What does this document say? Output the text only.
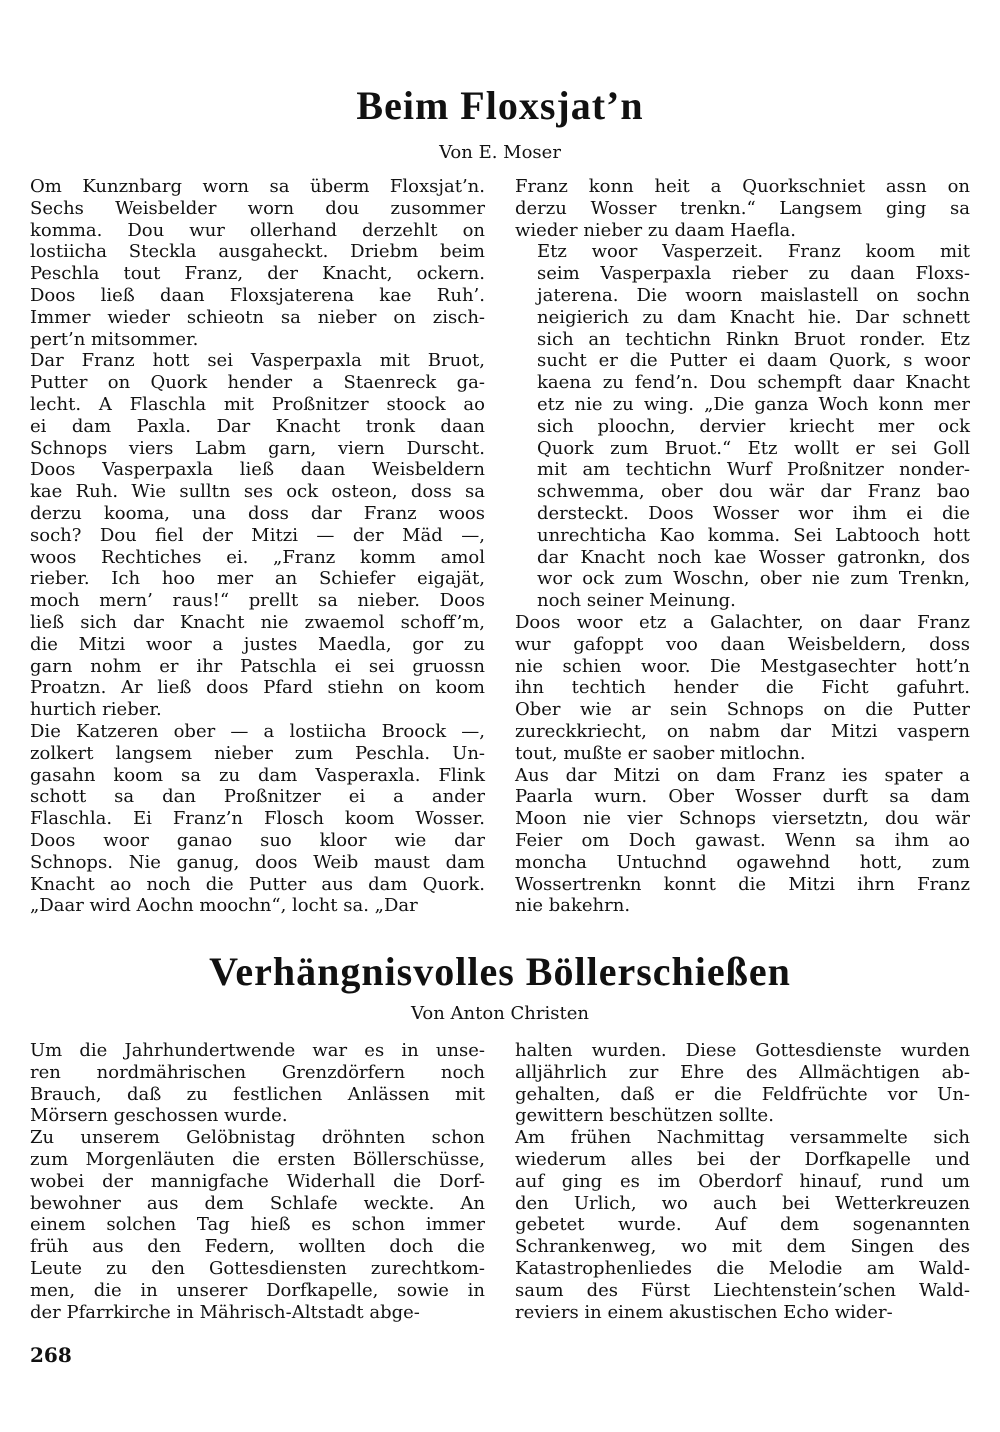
Beim Floxsjat’n

Von E. Moser

Om Kunznbarg worn sa überm Floxsjat’n.
Sechs Weisbelder worn dou zusommer
komma. Dou wur ollerhand derzehlt on
lostiicha Steckla ausgaheckt. Driebm beim
Peschla tout Franz, der Knacht, ockern.
Doos ließ daan Floxsjaterena kae Ruh’.
Immer wieder schieotn sa nieber on zisch-
pert’n mitsommer.

Dar Franz hott sei Vasperpaxla mit Bruot,
Putter on Quork hender a Staenreck ga-
lecht. A Flaschla mit Proßnitzer stoock ao
ei dam Paxla. Dar Knacht tronk daan
Schnops viers Labm garn, viern Durscht.
Doos Vasperpaxla ließ daan Weisbeldern
kae Ruh. Wie sulltn ses ock osteon, doss sa
derzu kooma, una doss dar Franz woos
soch? Dou fiel der Mitzi — der Mäd —,
woos Rechtiches ei. „Franz komm amol
rieber. Ich hoo mer an Schiefer eigajät,
moch mern’ raus!“ prellt sa nieber. Doos
ließ sich dar Knacht nie zwaemol schoff’m,
die Mitzi woor a justes Maedla, gor zu
garn nohm er ihr Patschla ei sei gruossn
Proatzn. Ar ließ doos Pfard stiehn on koom
hurtich rieber.

Die Katzeren ober — a lostiicha Broock —,
zolkert langsem nieber zum Peschla. Un-
gasahn koom sa zu dam Vasperaxla. Flink
schott sa dan Proßnitzer ei a ander
Flaschla. Ei Franz’n Flosch koom Wosser.
Doos woor ganao suo kloor wie dar
Schnops. Nie ganug, doos Weib maust dam
Knacht ao noch die Putter aus dam Quork.
„Daar wird Aochn moochn“, locht sa. „Dar

Franz konn heit a Quorkschniet assn on
derzu Wosser trenkn.“ Langsem ging sa
wieder nieber zu daam Haefla.

Etz woor Vasperzeit. Franz koom mit
seim Vasperpaxla rieber zu daan Floxs-
jaterena. Die woorn maislastell on sochn
neigierich zu dam Knacht hie. Dar schnett
sich an techtichn Rinkn Bruot ronder. Etz
sucht er die Putter ei daam Quork, s woor
kaena zu fend’n. Dou schempft daar Knacht
etz nie zu wing. „Die ganza Woch konn mer
sich ploochn, dervier kriecht mer ock
Quork zum Bruot.“ Etz wollt er sei Goll
mit am techtichn Wurf Proßnitzer nonder-
schwemma, ober dou wär dar Franz bao
dersteckt. Doos Wosser wor ihm ei die
unrechticha Kao komma. Sei Labtooch hott
dar Knacht noch kae Wosser gatronkn, dos
wor ock zum Woschn, ober nie zum Trenkn,
noch seiner Meinung.

Doos woor etz a Galachter, on daar Franz
wur gafoppt voo daan Weisbeldern, doss
nie schien woor. Die Mestgasechter hott’n
ihn techtich hender die Ficht gafuhrt.
Ober wie ar sein Schnops on die Putter
zureckkriecht, on nabm dar Mitzi vaspern
tout, mußte er saober mitlochn.

Aus dar Mitzi on dam Franz ies spater a
Paarla wurn. Ober Wosser durft sa dam
Moon nie vier Schnops viersetztn, dou wär
Feier om Doch gawast. Wenn sa ihm ao
moncha Untuchnd ogawehnd hott, zum
Wossertrenkn konnt die Mitzi ihrn Franz
nie bakehrn.

Verhängnisvolles Böllerschießen

Von Anton Christen

Um die Jahrhundertwende war es in unse-
ren nordmährischen Grenzdörfern noch
Brauch, daß zu festlichen Anlässen mit
Mörsern geschossen wurde.

Zu unserem Gelöbnistag dröhnten schon
zum Morgenläuten die ersten Böllerschüsse,
wobei der mannigfache Widerhall die Dorf-
bewohner aus dem Schlafe weckte. An
einem solchen Tag hieß es schon immer
früh aus den Federn, wollten doch die
Leute zu den Gottesdiensten zurechtkom-
men, die in unserer Dorfkapelle, sowie in
der Pfarrkirche in Mährisch-Altstadt abge-

halten wurden. Diese Gottesdienste wurden
alljährlich zur Ehre des Allmächtigen ab-
gehalten, daß er die Feldfrüchte vor Un-
gewittern beschützen sollte.

Am frühen Nachmittag versammelte sich
wiederum alles bei der Dorfkapelle und
auf ging es im Oberdorf hinauf, rund um
den Urlich, wo auch bei Wetterkreuzen
gebetet wurde. Auf dem sogenannten
Schrankenweg, wo mit dem Singen des
Katastrophenliedes die Melodie am Wald-
saum des Fürst Liechtenstein’schen Wald-
reviers in einem akustischen Echo wider-

268
